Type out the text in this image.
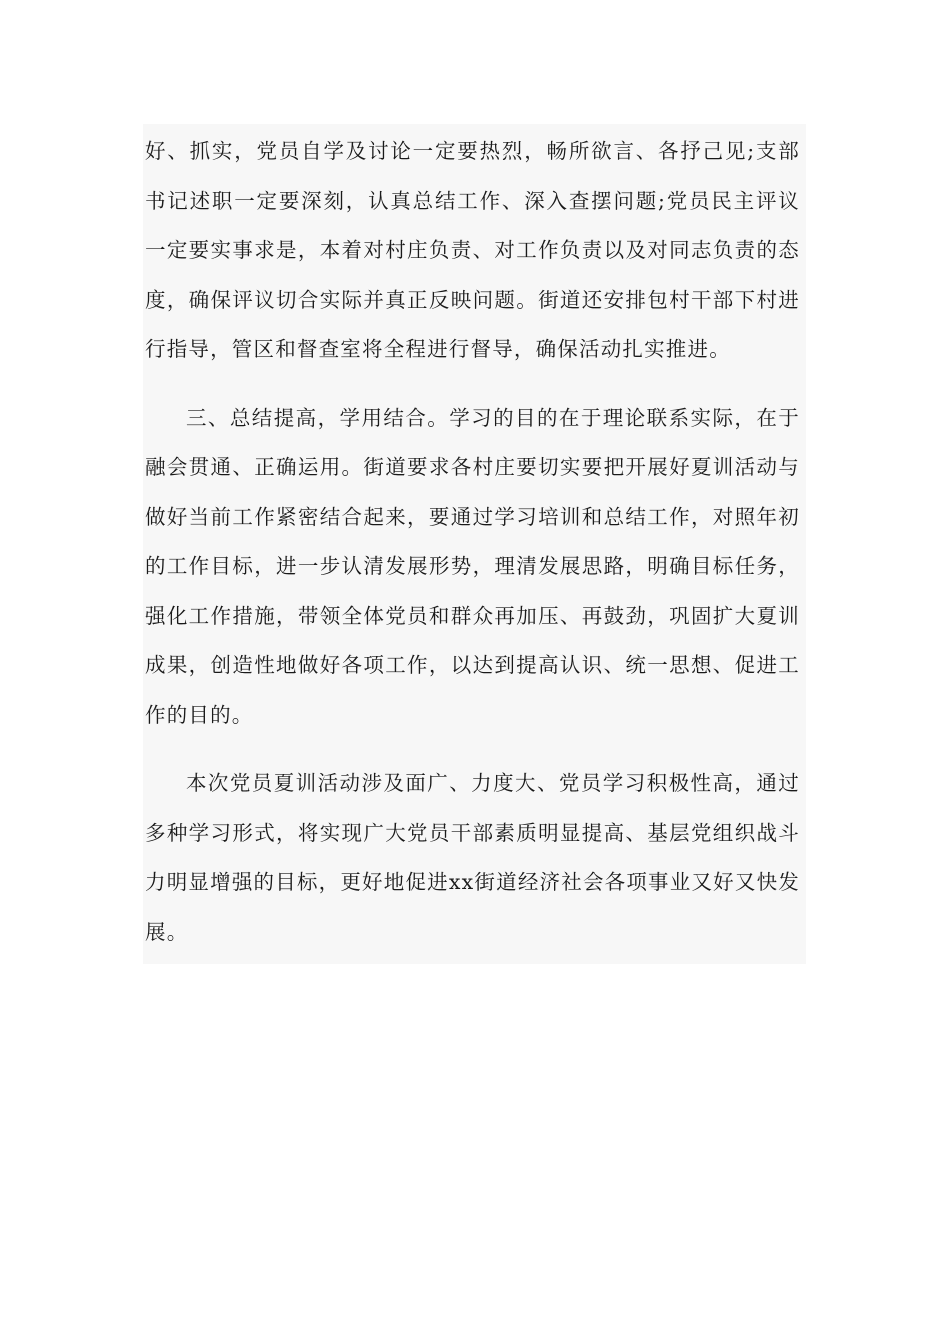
好、抓实，党员自学及讨论一定要热烈，畅所欲言、各抒己见;支部书记述职一定要深刻，认真总结工作、深入查摆问题;党员民主评议一定要实事求是，本着对村庄负责、对工作负责以及对同志负责的态度，确保评议切合实际并真正反映问题。街道还安排包村干部下村进行指导，管区和督查室将全程进行督导，确保活动扎实推进。

三、总结提高，学用结合。学习的目的在于理论联系实际，在于融会贯通、正确运用。街道要求各村庄要切实要把开展好夏训活动与做好当前工作紧密结合起来，要通过学习培训和总结工作，对照年初的工作目标，进一步认清发展形势，理清发展思路，明确目标任务，强化工作措施，带领全体党员和群众再加压、再鼓劲，巩固扩大夏训成果，创造性地做好各项工作，以达到提高认识、统一思想、促进工作的目的。

本次党员夏训活动涉及面广、力度大、党员学习积极性高，通过多种学习形式，将实现广大党员干部素质明显提高、基层党组织战斗力明显增强的目标，更好地促进xx街道经济社会各项事业又好又快发展。
